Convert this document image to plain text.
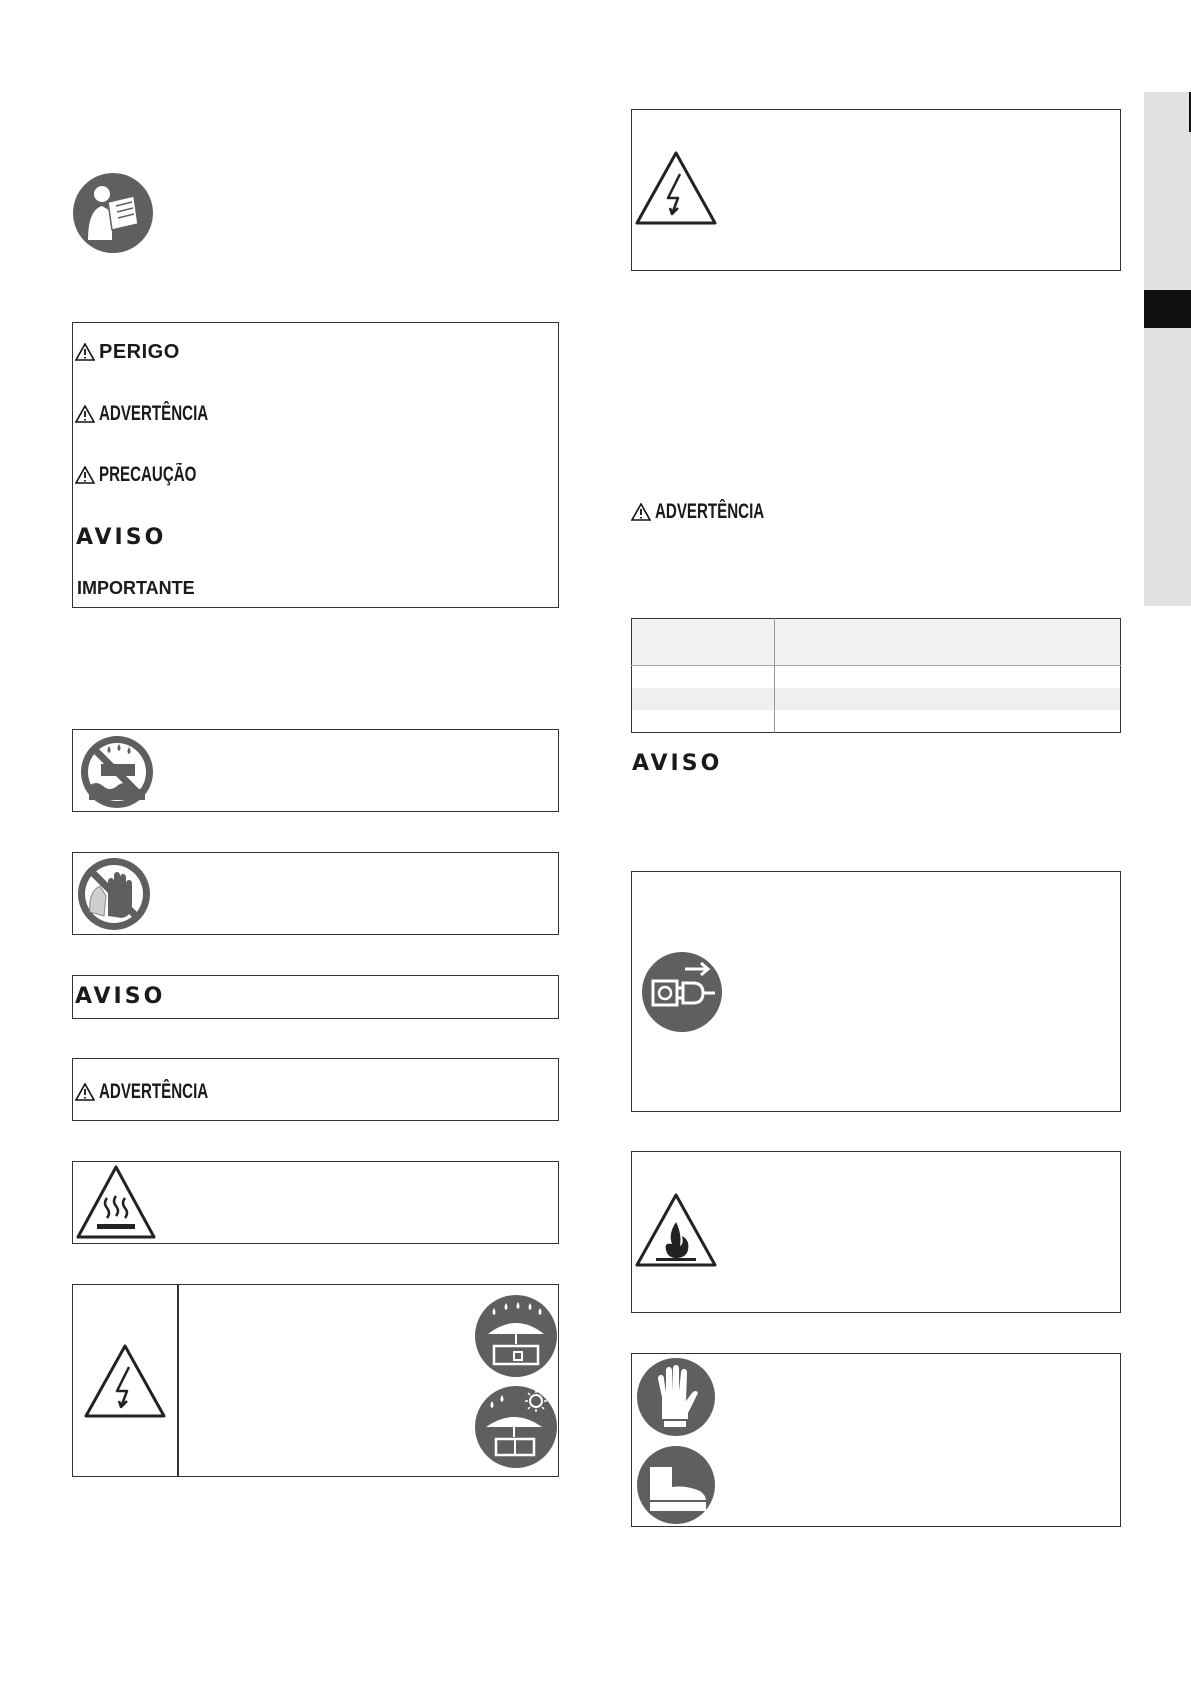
PERIGO
ADVERTÊNCIA
PRECAUÇÃO
AVISO
IMPORTANTE
AVISO
ADVERTÊNCIA
ADVERTÊNCIA

AVISO
